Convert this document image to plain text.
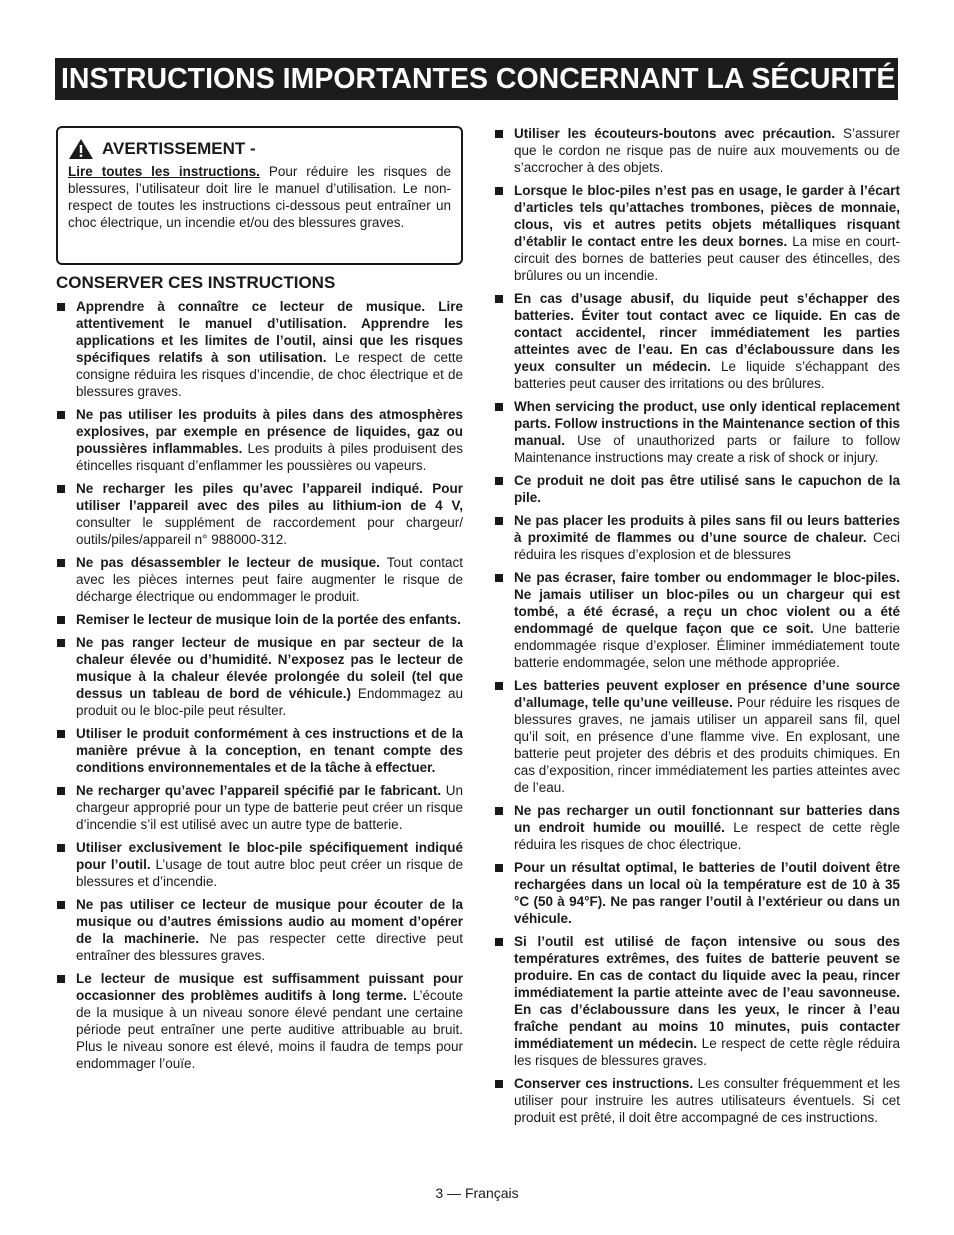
INSTRUCTIONS IMPORTANTES CONCERNANT LA SÉCURITÉ
AVERTISSEMENT -
Lire toutes les instructions. Pour réduire les risques de blessures, l’utilisateur doit lire le manuel d’utilisation. Le non-respect de toutes les instructions ci-dessous peut entraîner un choc électrique, un incendie et/ou des blessures graves.
CONSERVER CES INSTRUCTIONS
Apprendre à connaître ce lecteur de musique. Lire attentivement le manuel d’utilisation. Apprendre les applications et les limites de l’outil, ainsi que les risques spécifiques relatifs à son utilisation. Le respect de cette consigne réduira les risques d’incendie, de choc électrique et de blessures graves.
Ne pas utiliser les produits à piles dans des atmosphères explosives, par exemple en présence de liquides, gaz ou poussières inflammables. Les produits à piles produisent des étincelles risquant d’enflammer les poussières ou vapeurs.
Ne recharger les piles qu’avec l’appareil indiqué. Pour utiliser l’appareil avec des piles au lithium-ion de 4 V, consulter le supplément de raccordement pour chargeur/ outils/piles/appareil n° 988000-312.
Ne pas désassembler le lecteur de musique. Tout contact avec les pièces internes peut faire augmenter le risque de décharge électrique ou endommager le produit.
Remiser le lecteur de musique loin de la portée des enfants.
Ne pas ranger lecteur de musique en par secteur de la chaleur élevée ou d’humidité. N’exposez pas le lecteur de musique à la chaleur élevée prolongée du soleil (tel que dessus un tableau de bord de véhicule.) Endommagez au produit ou le bloc-pile peut résulter.
Utiliser le produit conformément à ces instructions et de la manière prévue à la conception, en tenant compte des conditions environnementales et de la tâche à effectuer.
Ne recharger qu’avec l’appareil spécifié par le fabricant. Un chargeur approprié pour un type de batterie peut créer un risque d’incendie s’il est utilisé avec un autre type de batterie.
Utiliser exclusivement le bloc-pile spécifiquement indiqué pour l’outil. L’usage de tout autre bloc peut créer un risque de blessures et d’incendie.
Ne pas utiliser ce lecteur de musique pour écouter de la musique ou d’autres émissions audio au moment d’opérer de la machinerie. Ne pas respecter cette directive peut entraîner des blessures graves.
Le lecteur de musique est suffisamment puissant pour occasionner des problèmes auditifs à long terme. L’écoute de la musique à un niveau sonore élevé pendant une certaine période peut entraîner une perte auditive attribuable au bruit. Plus le niveau sonore est élevé, moins il faudra de temps pour endommager l’ouïe.
Utiliser les écouteurs-boutons avec précaution. S’assurer que le cordon ne risque pas de nuire aux mouvements ou de s’accrocher à des objets.
Lorsque le bloc-piles n’est pas en usage, le garder à l’écart d’articles tels qu’attaches trombones, pièces de monnaie, clous, vis et autres petits objets métalliques risquant d’établir le contact entre les deux bornes. La mise en court-circuit des bornes de batteries peut causer des étincelles, des brûlures ou un incendie.
En cas d’usage abusif, du liquide peut s’échapper des batteries. Éviter tout contact avec ce liquide. En cas de contact accidentel, rincer immédiatement les parties atteintes avec de l’eau. En cas d’éclaboussure dans les yeux consulter un médecin. Le liquide s’échappant des batteries peut causer des irritations ou des brûlures.
When servicing the product, use only identical replacement parts. Follow instructions in the Maintenance section of this manual. Use of unauthorized parts or failure to follow Maintenance instructions may create a risk of shock or injury.
Ce produit ne doit pas être utilisé sans le capuchon de la pile.
Ne pas placer les produits à piles sans fil ou leurs batteries à proximité de flammes ou d’une source de chaleur. Ceci réduira les risques d’explosion et de blessures
Ne pas écraser, faire tomber ou endommager le bloc-piles. Ne jamais utiliser un bloc-piles ou un chargeur qui est tombé, a été écrasé, a reçu un choc violent ou a été endommagé de quelque façon que ce soit. Une batterie endommagée risque d’exploser. Éliminer immédiatement toute batterie endommagée, selon une méthode appropriée.
Les batteries peuvent exploser en présence d’une source d’allumage, telle qu’une veilleuse. Pour réduire les risques de blessures graves, ne jamais utiliser un appareil sans fil, quel qu’il soit, en présence d’une flamme vive. En explosant, une batterie peut projeter des débris et des produits chimiques. En cas d’exposition, rincer immédiatement les parties atteintes avec de l’eau.
Ne pas recharger un outil fonctionnant sur batteries dans un endroit humide ou mouillé. Le respect de cette règle réduira les risques de choc électrique.
Pour un résultat optimal, le batteries de l’outil doivent être rechargées dans un local où la température est de 10 à 35 °C (50 à 94°F). Ne pas ranger l’outil à l’extérieur ou dans un véhicule.
Si l’outil est utilisé de façon intensive ou sous des températures extrêmes, des fuites de batterie peuvent se produire. En cas de contact du liquide avec la peau, rincer immédiatement la partie atteinte avec de l’eau savonneuse. En cas d’éclaboussure dans les yeux, le rincer à l’eau fraîche pendant au moins 10 minutes, puis contacter immédiatement un médecin. Le respect de cette règle réduira les risques de blessures graves.
Conserver ces instructions. Les consulter fréquemment et les utiliser pour instruire les autres utilisateurs éventuels. Si cet produit est prêté, il doit être accompagné de ces instructions.
3 — Français
